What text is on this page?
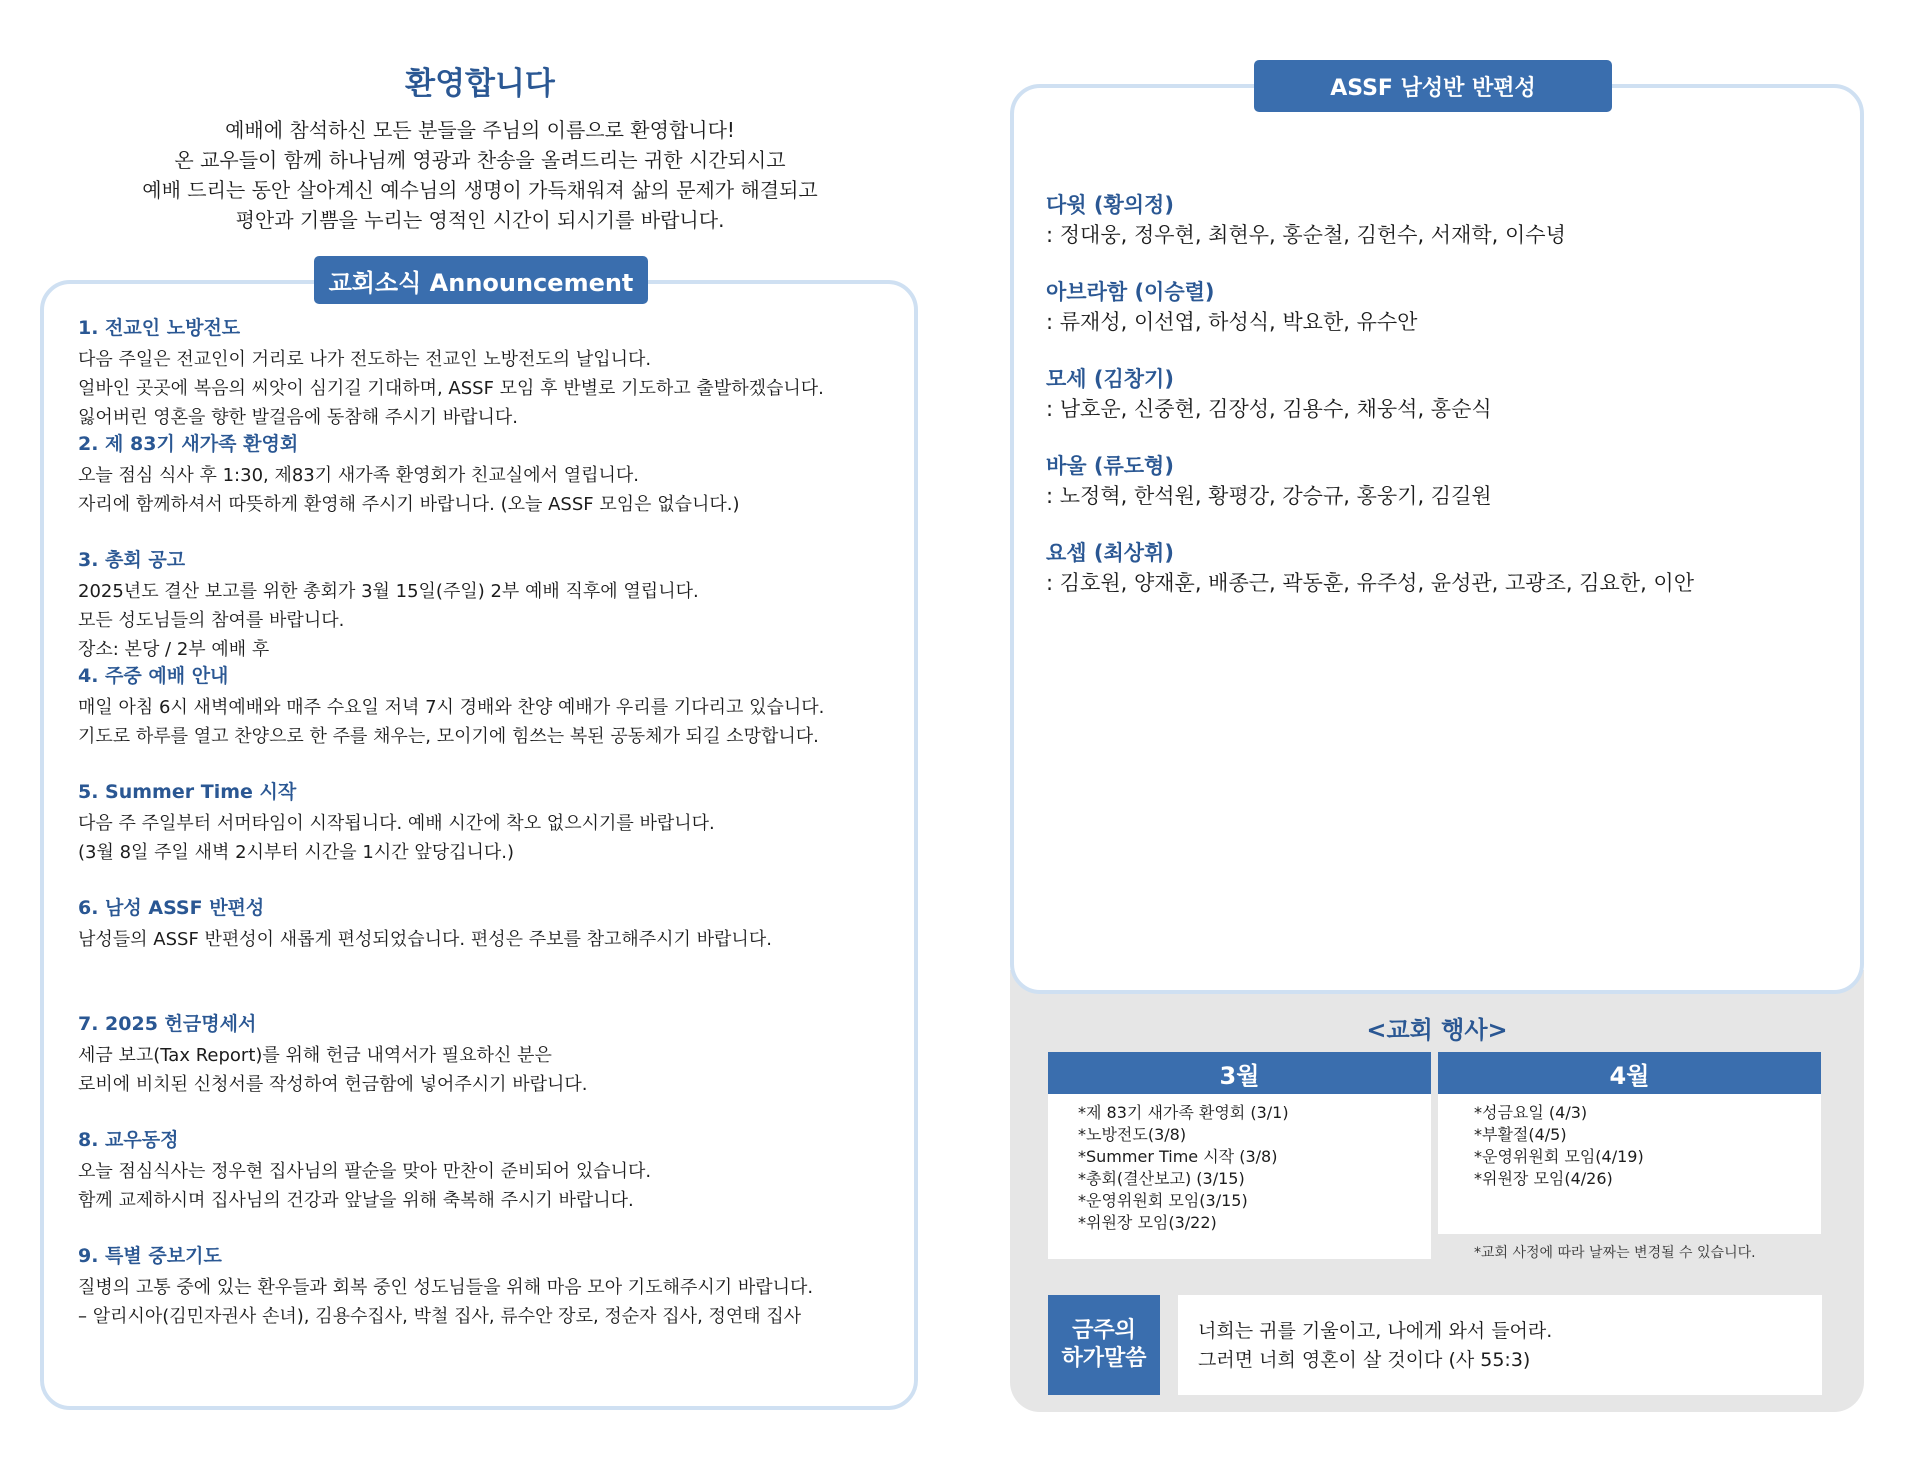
환영합니다

예배에 참석하신 모든 분들을 주님의 이름으로 환영합니다!

온 교우들이 함께 하나님께 영광과 찬송을 올려드리는 귀한 시간되시고

예배 드리는 동안 살아계신 예수님의 생명이 가득채워져 삶의 문제가 해결되고

평안과 기쁨을 누리는 영적인 시간이 되시기를 바랍니다.

교회소식 Announcement
1. 전교인 노방전도
다음 주일은 전교인이 거리로 나가 전도하는 전교인 노방전도의 날입니다.
얼바인 곳곳에 복음의 씨앗이 심기길 기대하며, ASSF 모임 후 반별로 기도하고 출발하겠습니다.
잃어버린 영혼을 향한 발걸음에 동참해 주시기 바랍니다.
2. 제 83기 새가족 환영회
오늘 점심 식사 후 1:30, 제83기 새가족 환영회가 친교실에서 열립니다.
자리에 함께하셔서 따뜻하게 환영해 주시기 바랍니다. (오늘 ASSF 모임은 없습니다.)
3. 총회 공고
2025년도 결산 보고를 위한 총회가 3월 15일(주일) 2부 예배 직후에 열립니다.
모든 성도님들의 참여를 바랍니다.
장소: 본당 / 2부 예배 후
4. 주중 예배 안내
매일 아침 6시 새벽예배와 매주 수요일 저녁 7시 경배와 찬양 예배가 우리를 기다리고 있습니다.
기도로 하루를 열고 찬양으로 한 주를 채우는, 모이기에 힘쓰는 복된 공동체가 되길 소망합니다.
5. Summer Time 시작
다음 주 주일부터 서머타임이 시작됩니다. 예배 시간에 착오 없으시기를 바랍니다.
(3월 8일 주일 새벽 2시부터 시간을 1시간 앞당깁니다.)
6. 남성 ASSF 반편성
남성들의 ASSF 반편성이 새롭게 편성되었습니다. 편성은 주보를 참고해주시기 바랍니다.
7. 2025 헌금명세서
세금 보고(Tax Report)를 위해 헌금 내역서가 필요하신 분은
로비에 비치된 신청서를 작성하여 헌금함에 넣어주시기 바랍니다.
8. 교우동정
오늘 점심식사는 정우현 집사님의 팔순을 맞아 만찬이 준비되어 있습니다.
함께 교제하시며 집사님의 건강과 앞날을 위해 축복해 주시기 바랍니다.
9. 특별 중보기도
질병의 고통 중에 있는 환우들과 회복 중인 성도님들을 위해 마음 모아 기도해주시기 바랍니다.
– 알리시아(김민자권사 손녀), 김용수집사, 박철 집사, 류수안 장로, 정순자 집사, 정연태 집사
ASSF 남성반 반편성
다윗 (황의정)
: 정대웅, 정우현, 최현우, 홍순철, 김헌수, 서재학, 이수녕
아브라함 (이승렬)
: 류재성, 이선엽, 하성식, 박요한, 유수안
모세 (김창기)
: 남호운, 신중현, 김장성, 김용수, 채웅석, 홍순식
바울 (류도형)
: 노정혁, 한석원, 황평강, 강승규, 홍웅기, 김길원
요셉 (최상휘)
: 김호원, 양재훈, 배종근, 곽동훈, 유주성, 윤성관, 고광조, 김요한, 이안
<교회 행사>
3월
*제 83기 새가족 환영회 (3/1)
*노방전도(3/8)
*Summer Time 시작 (3/8)
*총회(결산보고) (3/15)
*운영위원회 모임(3/15)
*위원장 모임(3/22)
4월
*성금요일 (4/3)
*부활절(4/5)
*운영위원회 모임(4/19)
*위원장 모임(4/26)
*교회 사정에 따라 날짜는 변경될 수 있습니다.
금주의
하가말씀
너희는 귀를 기울이고, 나에게 와서 들어라.
그러면 너희 영혼이 살 것이다 (사 55:3)
